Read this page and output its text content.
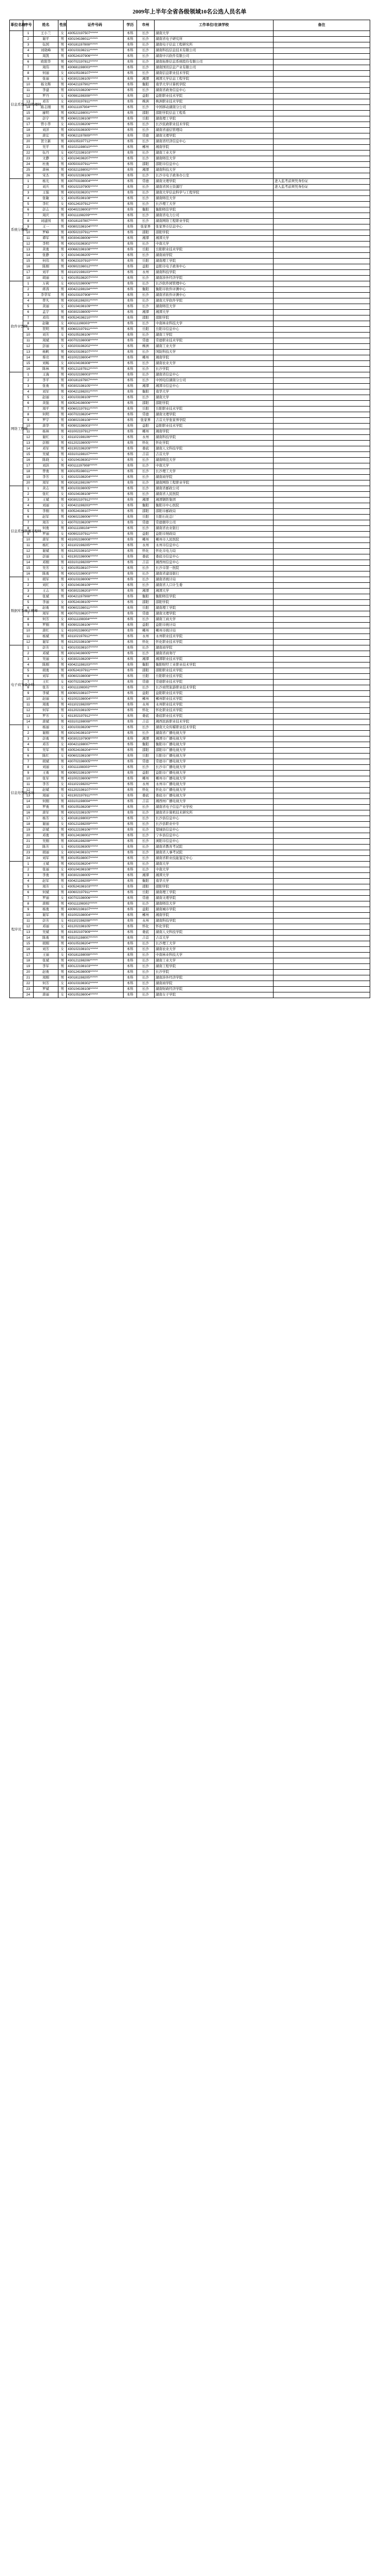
2009年上半年全省各级领域10名公选人员名单
职位名称	序号	姓名	性别	证件号码	学历	市州	工作单位/在读学校	备注
信息系统运营管理师	1	王小兰	女	430522197507******	本科	长沙	湖南大学	
	2	谢平	男	430104198011******	本科	长沙	湖南省电子研究所	
	3	伍国	男	430181197808******	本科	长沙	湖南电子信息工程研究所	
	4	刘晓峰	男	430103198211******	本科	长沙	湖南科技信息技术有限公司	
	5	周凯	男	430524197906******	本科	长沙	湖南中兴软件有限公司	
	6	欧阳华	男	430702197812******	本科	长沙	湖南拓维信息系统股份有限公司	
	7	周伟	男	430681198003******	本科	长沙	湖南国讯信息产业有限公司	
	8	何丽	女	430105198107******	本科	长沙	湖南信息职业技术学院	
	9	张丽	女	430302198105******	本科	湘潭	湘潭大学信息工程学院	
	10	杨文辉	男	430421197902******	本科	衡阳	南华大学计算机学院	
	11	李建	男	430102198206******	本科	长沙	湖南省政务信息中心	
	12	罗丹	女	430981198308******	本科	益阳	益阳职业技术学院	
	13	邓芳	女	430203197811******	本科	株洲	株洲职业技术学院	
	14	陈志刚	男	430111197904******	本科	长沙	中国移动湖南分公司	
	15	廖明	男	430521198001******	本科	邵阳	邵阳学院信息工程系	
	16	彭宇	男	430602198108******	本科	岳阳	湖南理工学院	
	17	曾小华	女	430122198206******	本科	长沙	长沙民政职业技术学院	
	18	刘洋	男	430103198305******	本科	长沙	湖南省通信管理局	
	19	唐宏	男	430821197809******	本科	常德	湖南文理学院	
	20	贺立新	男	430105197712******	本科	长沙	湖南省经济信息中心	
	21	吴平	男	431021198010******	本科	郴州	湘南学院	
	22	伍丹	女	430722198103******	本科	长沙	湖南工业大学	
	23	文静	女	430104198207******	本科	长沙	湖南师范大学	
	24	杜勇	男	430503197911******	本科	邵阳	邵阳市信息中心	
	25	唐林	男	430321198002******	本科	湘潭	湖南科技大学	
	26	宋杰	男	430102198106******	本科	长沙	长沙市电子政务办公室	
系统分析师	1	杨光	男	430703198004******	本科	常德	湖南文理学院	进入监考前须凭身份证
	2	刘兵	男	430102197905******	本科	长沙	湖南省国土资源厅	进入监考前须凭身份证
	3	王强	男	430103198201******	本科	长沙	湖南大学信息科学与工程学院	
	4	张敏	女	430105198108******	本科	长沙	湖南师范大学	
	5	李红	女	430124197912******	本科	长沙	长沙理工大学	
	6	彭志	男	430402198003******	本科	衡阳	衡阳师范学院	
	7	周庆	男	430111198209******	本科	长沙	湖南省电力公司	
	8	刘建国	男	430181197807******	本科	长沙	湖南网络工程职业学院	
	9	王一	男	430802198104******	本科	张家界	张家界市信息中心	
	10	罗峰	男	430502197911******	本科	邵阳	邵阳学院	
	11	谭军	男	430304198006******	本科	湘潭	湘潭大学	
	12	李明	男	430103198302******	本科	长沙	中南大学	
	13	黄勇	男	430682198108******	本科	岳阳	岳阳职业技术学院	
	14	张静	女	430104198205******	本科	长沙	湖南商学院	
	15	何伟	男	430623197910******	本科	岳阳	湖南理工学院	
	16	陈刚	男	430902198012******	本科	益阳	益阳市电子政务中心	
	17	刘平	男	431102198103******	本科	永州	湖南科技学院	
	18	胡丽	女	430105198207******	本科	长沙	湖南涉外经济学院	
软件评测师	1	万莉	女	430102198006******	本科	长沙	长沙软件园管理中心	
	2	蒋涛	男	430421198104******	本科	衡阳	衡阳市软件评测中心	
	3	李华军	男	430103197908******	本科	长沙	湖南省软件评测中心	
	4	曾凡	男	430181198201******	本科	长沙	湖南大学软件学院	
	5	黄丽	女	430104198109******	本科	长沙	湖南师范大学	
	6	孟宇	男	430302198005******	本科	湘潭	湘潭大学	
	7	邓伟	男	430524198210******	本科	邵阳	邵阳学院	
	8	赵敏	女	430111198303******	本科	长沙	中南林业科技大学	
	9	贺明	男	430602197911******	本科	岳阳	岳阳市信息中心	
	10	刘芳	女	430105198106******	本科	长沙	湖南工学院	
	11	周斌	男	430702198008******	本科	常德	常德职业技术学院	
	12	彭丽	女	430203198202******	本科	株洲	湖南工业大学	
	13	杨帆	男	430103198107******	本科	长沙	国防科技大学	
	14	蔡亮	男	431002198004******	本科	郴州	湘南学院	
	15	刘畅	女	430104198308******	本科	长沙	湖南农业大学	
	16	陈林	男	430121197912******	本科	长沙	长沙学院	
网络工程师	1	王海	男	430102198003******	本科	长沙	湖南省信息中心	
	2	李平	男	430181197907******	本科	长沙	中国电信湖南分公司	
	3	张勇	男	430302198105******	本科	湘潭	湘潭市信息中心	
	4	刘军	男	430421198201******	本科	衡阳	南华大学	
	5	赵丽	女	430103198109******	本科	长沙	湖南大学	
	6	黄强	男	430524198006******	本科	邵阳	邵阳学院	
	7	周平	男	430602197911******	本科	岳阳	岳阳职业技术学院	
	8	何明	男	430702198204******	本科	常德	湖南文理学院	
	9	罗宇	男	430802198108******	本科	张家界	吉首大学张家界学院	
	10	唐华	男	430902198003******	本科	益阳	益阳职业技术学院	
	11	杨林	男	431002197912******	本科	郴州	湘南学院	
	12	谢红	女	431102198106******	本科	永州	湖南科技学院	
	13	彭刚	男	431202198005******	本科	怀化	怀化学院	
	14	邓军	男	431302198209******	本科	娄底	湖南人文科技学院	
	15	吴斌	男	433101198107******	本科	吉首	吉首大学	
	16	陈晓	女	430104198302******	本科	长沙	湖南师范大学	
	17	刘洪	男	430111197908******	本科	长沙	中南大学	
	18	曾勇	男	430105198011******	本科	长沙	长沙理工大学	
	19	李芳	女	430102198204******	本科	长沙	湖南商学院	
	20	周军	男	430181198106******	本科	长沙	湖南网络工程职业学院	
信息系统管理工程师	1	黄志	男	430103198005******	本科	长沙	湖南省邮政公司	
	2	张红	女	430104198108******	本科	长沙	湖南省人民医院	
	3	王斌	男	430302197912******	本科	湘潭	湘潭钢铁集团	
	4	刘丽	女	430421198203******	本科	衡阳	衡阳市中心医院	
	5	李刚	男	430524198107******	本科	邵阳	邵阳市邮政局	
	6	赵军	男	430602198006******	本科	岳阳	岳阳石化总厂	
	7	周芳	女	430702198209******	本科	常德	常德烟草公司	
	8	何勇	男	430111198104******	本科	长沙	湖南省农业银行	
	9	罗丽	女	430902197911******	本科	益阳	益阳市财政局	
	10	唐军	男	431002198008******	本科	郴州	郴州市人民医院	
	11	杨红	女	431102198205******	本科	永州	永州市信息中心	
	12	谢斌	男	431202198102******	本科	怀化	怀化市电力局	
	13	彭丽	女	431302198006******	本科	娄底	娄底市信息中心	
	14	邓刚	男	433101198209******	本科	吉首	湘西州信息中心	
	15	吴芳	女	430105198107******	本科	长沙	长沙市第一医院	
	16	陈勇	男	430102198003******	本科	长沙	湖南省建设银行	
数据库系统工程师	1	胡军	男	430103198006******	本科	长沙	湖南省统计局	
	2	刘红	女	430104198109******	本科	长沙	湖南省人口计生委	
	3	王志	男	430302198203******	本科	湘潭	湘潭大学	
	4	张斌	男	430421197908******	本科	衡阳	衡阳师范学院	
	5	李丽	女	430524198105******	本科	邵阳	邵阳学院	
	6	赵勇	男	430602198011******	本科	岳阳	湖南理工学院	
	7	周军	男	430702198207******	本科	常德	湖南文理学院	
	8	何芳	女	430111198304******	本科	长沙	湖南工商大学	
	9	罗刚	男	430902198106******	本科	益阳	益阳市统计局	
	10	唐红	女	431002198002******	本科	郴州	郴州市统计局	
	11	杨斌	男	431102197912******	本科	永州	永州职业技术学院	
	12	谢军	男	431202198108******	本科	怀化	怀化职业技术学院	
电子商务设计师	1	彭芳	女	430103198107******	本科	长沙	湖南商学院	
	2	邓斌	男	430104198005******	本科	长沙	湖南省商务厅	
	3	吴丽	女	430302198209******	本科	湘潭	湘潭职业技术学院	
	4	陈刚	男	430421198103******	本科	衡阳	衡阳财经工业职业技术学院	
	5	胡勇	男	430524197911******	本科	邵阳	邵阳职业技术学院	
	6	刘军	男	430602198008******	本科	岳阳	岳阳职业技术学院	
	7	王红	女	430702198206******	本科	常德	常德职业技术学院	
	8	张芳	女	430111198302******	本科	长沙	长沙商贸旅游职业技术学院	
	9	李斌	男	430902198107******	本科	益阳	益阳职业技术学院	
	10	赵丽	女	431002198004******	本科	郴州	郴州职业技术学院	
	11	周勇	男	431102198209******	本科	永州	永州职业技术学院	
	12	何军	男	431202198105******	本科	怀化	怀化职业技术学院	
	13	罗芳	女	431302197912******	本科	娄底	娄底职业技术学院	
	14	唐斌	男	433101198008******	本科	吉首	湘西民族职业技术学院	
信息处理技术员	1	杨丽	女	430103198206******	本科	长沙	湖南大众传媒职业技术学院	
	2	谢刚	男	430104198103******	本科	长沙	湖南省广播电视大学	
	3	彭勇	男	430302197909******	本科	湘潭	湘潭市广播电视大学	
	4	邓芳	女	430421198007******	本科	衡阳	衡阳市广播电视大学	
	5	吴军	男	430524198204******	本科	邵阳	邵阳市广播电视大学	
	6	陈红	女	430602198108******	本科	岳阳	岳阳市广播电视大学	
	7	胡斌	男	430702198005******	本科	常德	常德市广播电视大学	
	8	刘丽	女	430111198303******	本科	长沙	长沙市广播电视大学	
	9	王勇	男	430902198109******	本科	益阳	益阳市广播电视大学	
	10	张军	男	431002198006******	本科	郴州	郴州市广播电视大学	
	11	李芳	女	431102198202******	本科	永州	永州市广播电视大学	
	12	赵斌	男	431202198107******	本科	怀化	怀化市广播电视大学	
	13	周丽	女	431302197911******	本科	娄底	娄底市广播电视大学	
	14	何刚	男	433101198004******	本科	吉首	湘西州广播电视大学	
	15	罗勇	男	430105198208******	本科	长沙	湖南省电子信息产业学校	
	16	唐军	男	430102198105******	本科	长沙	湖南省计算机技术研究所	
	17	杨芳	女	430181198003******	本科	长沙	长沙县信息中心	
	18	谢丽	女	430121198209******	本科	长沙	长沙县职业中专	
	19	彭斌	男	430122198106******	本科	长沙	望城县信息中心	
	20	邓勇	男	430124198002******	本科	长沙	宁乡县信息中心	
	21	吴刚	男	430181198208******	本科	长沙	浏阳市信息中心	
	22	陈芳	女	430103198305******	本科	长沙	湖南省教育考试院	
	23	胡丽	女	430104198101******	本科	长沙	湖南省人事考试院	
	24	刘军	男	430105198007******	本科	长沙	湖南省职业技能鉴定中心	
程序员	1	王斌	男	430103198204******	本科	长沙	湖南大学	
	2	张丽	女	430104198108******	本科	长沙	中南大学	
	3	李勇	男	430302198005******	本科	湘潭	湘潭大学	
	4	赵军	男	430421198209******	本科	衡阳	南华大学	
	5	周芳	女	430524198103******	本科	邵阳	邵阳学院	
	6	何斌	男	430602197911******	本科	岳阳	湖南理工学院	
	7	罗丽	女	430702198006******	本科	常德	湖南文理学院	
	8	唐刚	男	430111198302******	本科	长沙	湖南师范大学	
	9	杨勇	男	430902198107******	本科	益阳	湖南城市学院	
	10	谢军	男	431002198004******	本科	郴州	湘南学院	
	11	彭芳	女	431102198208******	本科	永州	湖南科技学院	
	12	邓丽	女	431202198105******	本科	怀化	怀化学院	
	13	吴斌	男	431302197909******	本科	娄底	湖南人文科技学院	
	14	陈勇	男	433101198007******	本科	吉首	吉首大学	
	15	胡刚	男	430105198204******	本科	长沙	长沙理工大学	
	16	刘芳	女	430102198101******	本科	长沙	湖南农业大学	
	17	王丽	女	430181198008******	本科	长沙	中南林业科技大学	
	18	张斌	男	430121198206******	本科	长沙	湖南工业大学	
	19	李军	男	430122198103******	本科	长沙	湖南工程学院	
	20	赵勇	男	430124198009******	本科	长沙	长沙学院	
	21	周刚	男	430181198205******	本科	长沙	湖南涉外经济学院	
	22	何芳	女	430103198302******	本科	长沙	湖南商学院	
	23	罗斌	男	430104198108******	本科	长沙	湖南财政经济学院	
	24	唐丽	女	430105198004******	本科	长沙	湖南女子学院	
